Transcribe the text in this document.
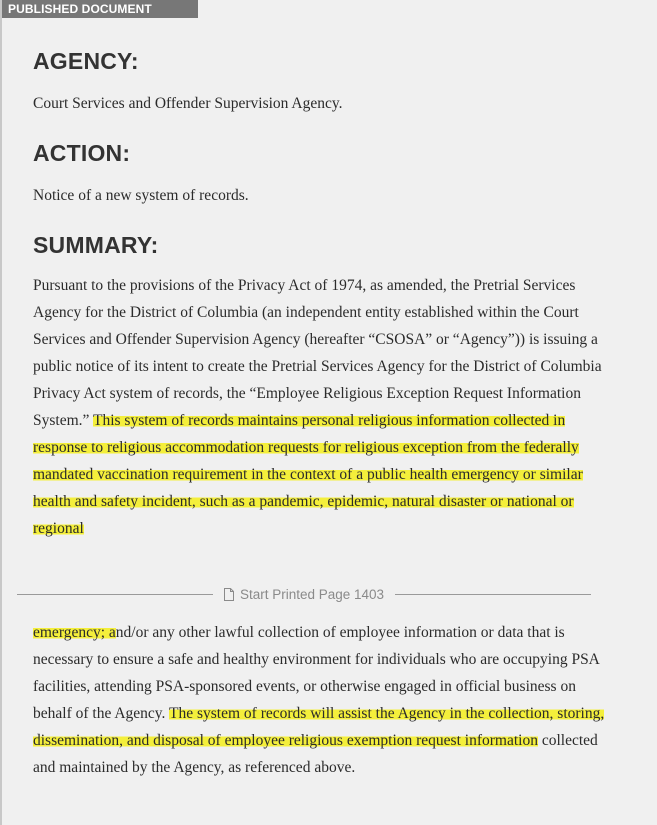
PUBLISHED DOCUMENT
AGENCY:

Court Services and Offender Supervision Agency.

ACTION:

Notice of a new system of records.

SUMMARY:

Pursuant to the provisions of the Privacy Act of 1974, as amended, the Pretrial Services Agency for the District of Columbia (an independent entity established within the Court Services and Offender Supervision Agency (hereafter “CSOSA” or “Agency”)) is issuing a public notice of its intent to create the Pretrial Services Agency for the District of Columbia Privacy Act system of records, the “Employee Religious Exception Request Information System.” This system of records maintains personal religious information collected in response to religious accommodation requests for religious exception from the federally mandated vaccination requirement in the context of a public health emergency or similar health and safety incident, such as a pandemic, epidemic, natural disaster or national or regional

Start Printed Page 1403

emergency; and/or any other lawful collection of employee information or data that is necessary to ensure a safe and healthy environment for individuals who are occupying PSA facilities, attending PSA-sponsored events, or otherwise engaged in official business on behalf of the Agency. The system of records will assist the Agency in the collection, storing, dissemination, and disposal of employee religious exemption request information collected and maintained by the Agency, as referenced above.
